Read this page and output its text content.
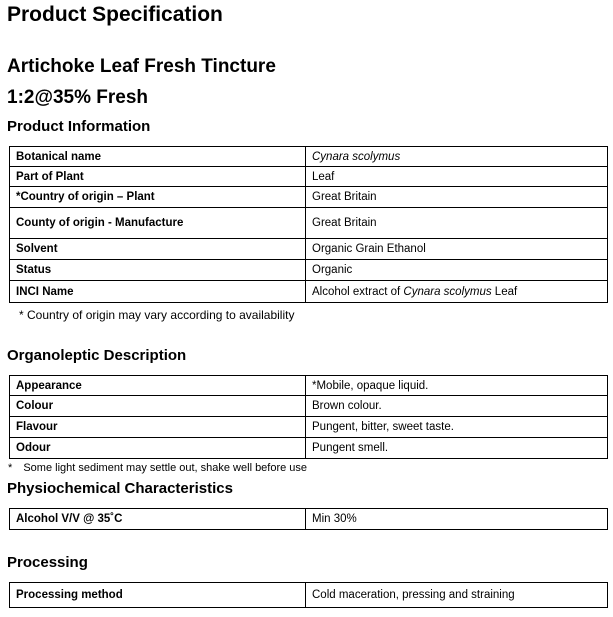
Product Specification
Artichoke Leaf Fresh Tincture
1:2@35% Fresh
Product Information
Botanical name	Cynara scolymus
Part of Plant	Leaf
*Country of origin – Plant	Great Britain
County of origin - Manufacture	Great Britain
Solvent	Organic Grain Ethanol
Status	Organic
INCI Name	Alcohol extract of Cynara scolymus Leaf
* Country of origin may vary according to availability
Organoleptic Description
Appearance	*Mobile, opaque liquid.
Colour	Brown colour.
Flavour	Pungent, bitter, sweet taste.
Odour	Pungent smell.
* Some light sediment may settle out, shake well before use
Physiochemical Characteristics
Alcohol V/V @ 35˚C	Min 30%
Processing
Processing method	Cold maceration, pressing and straining
